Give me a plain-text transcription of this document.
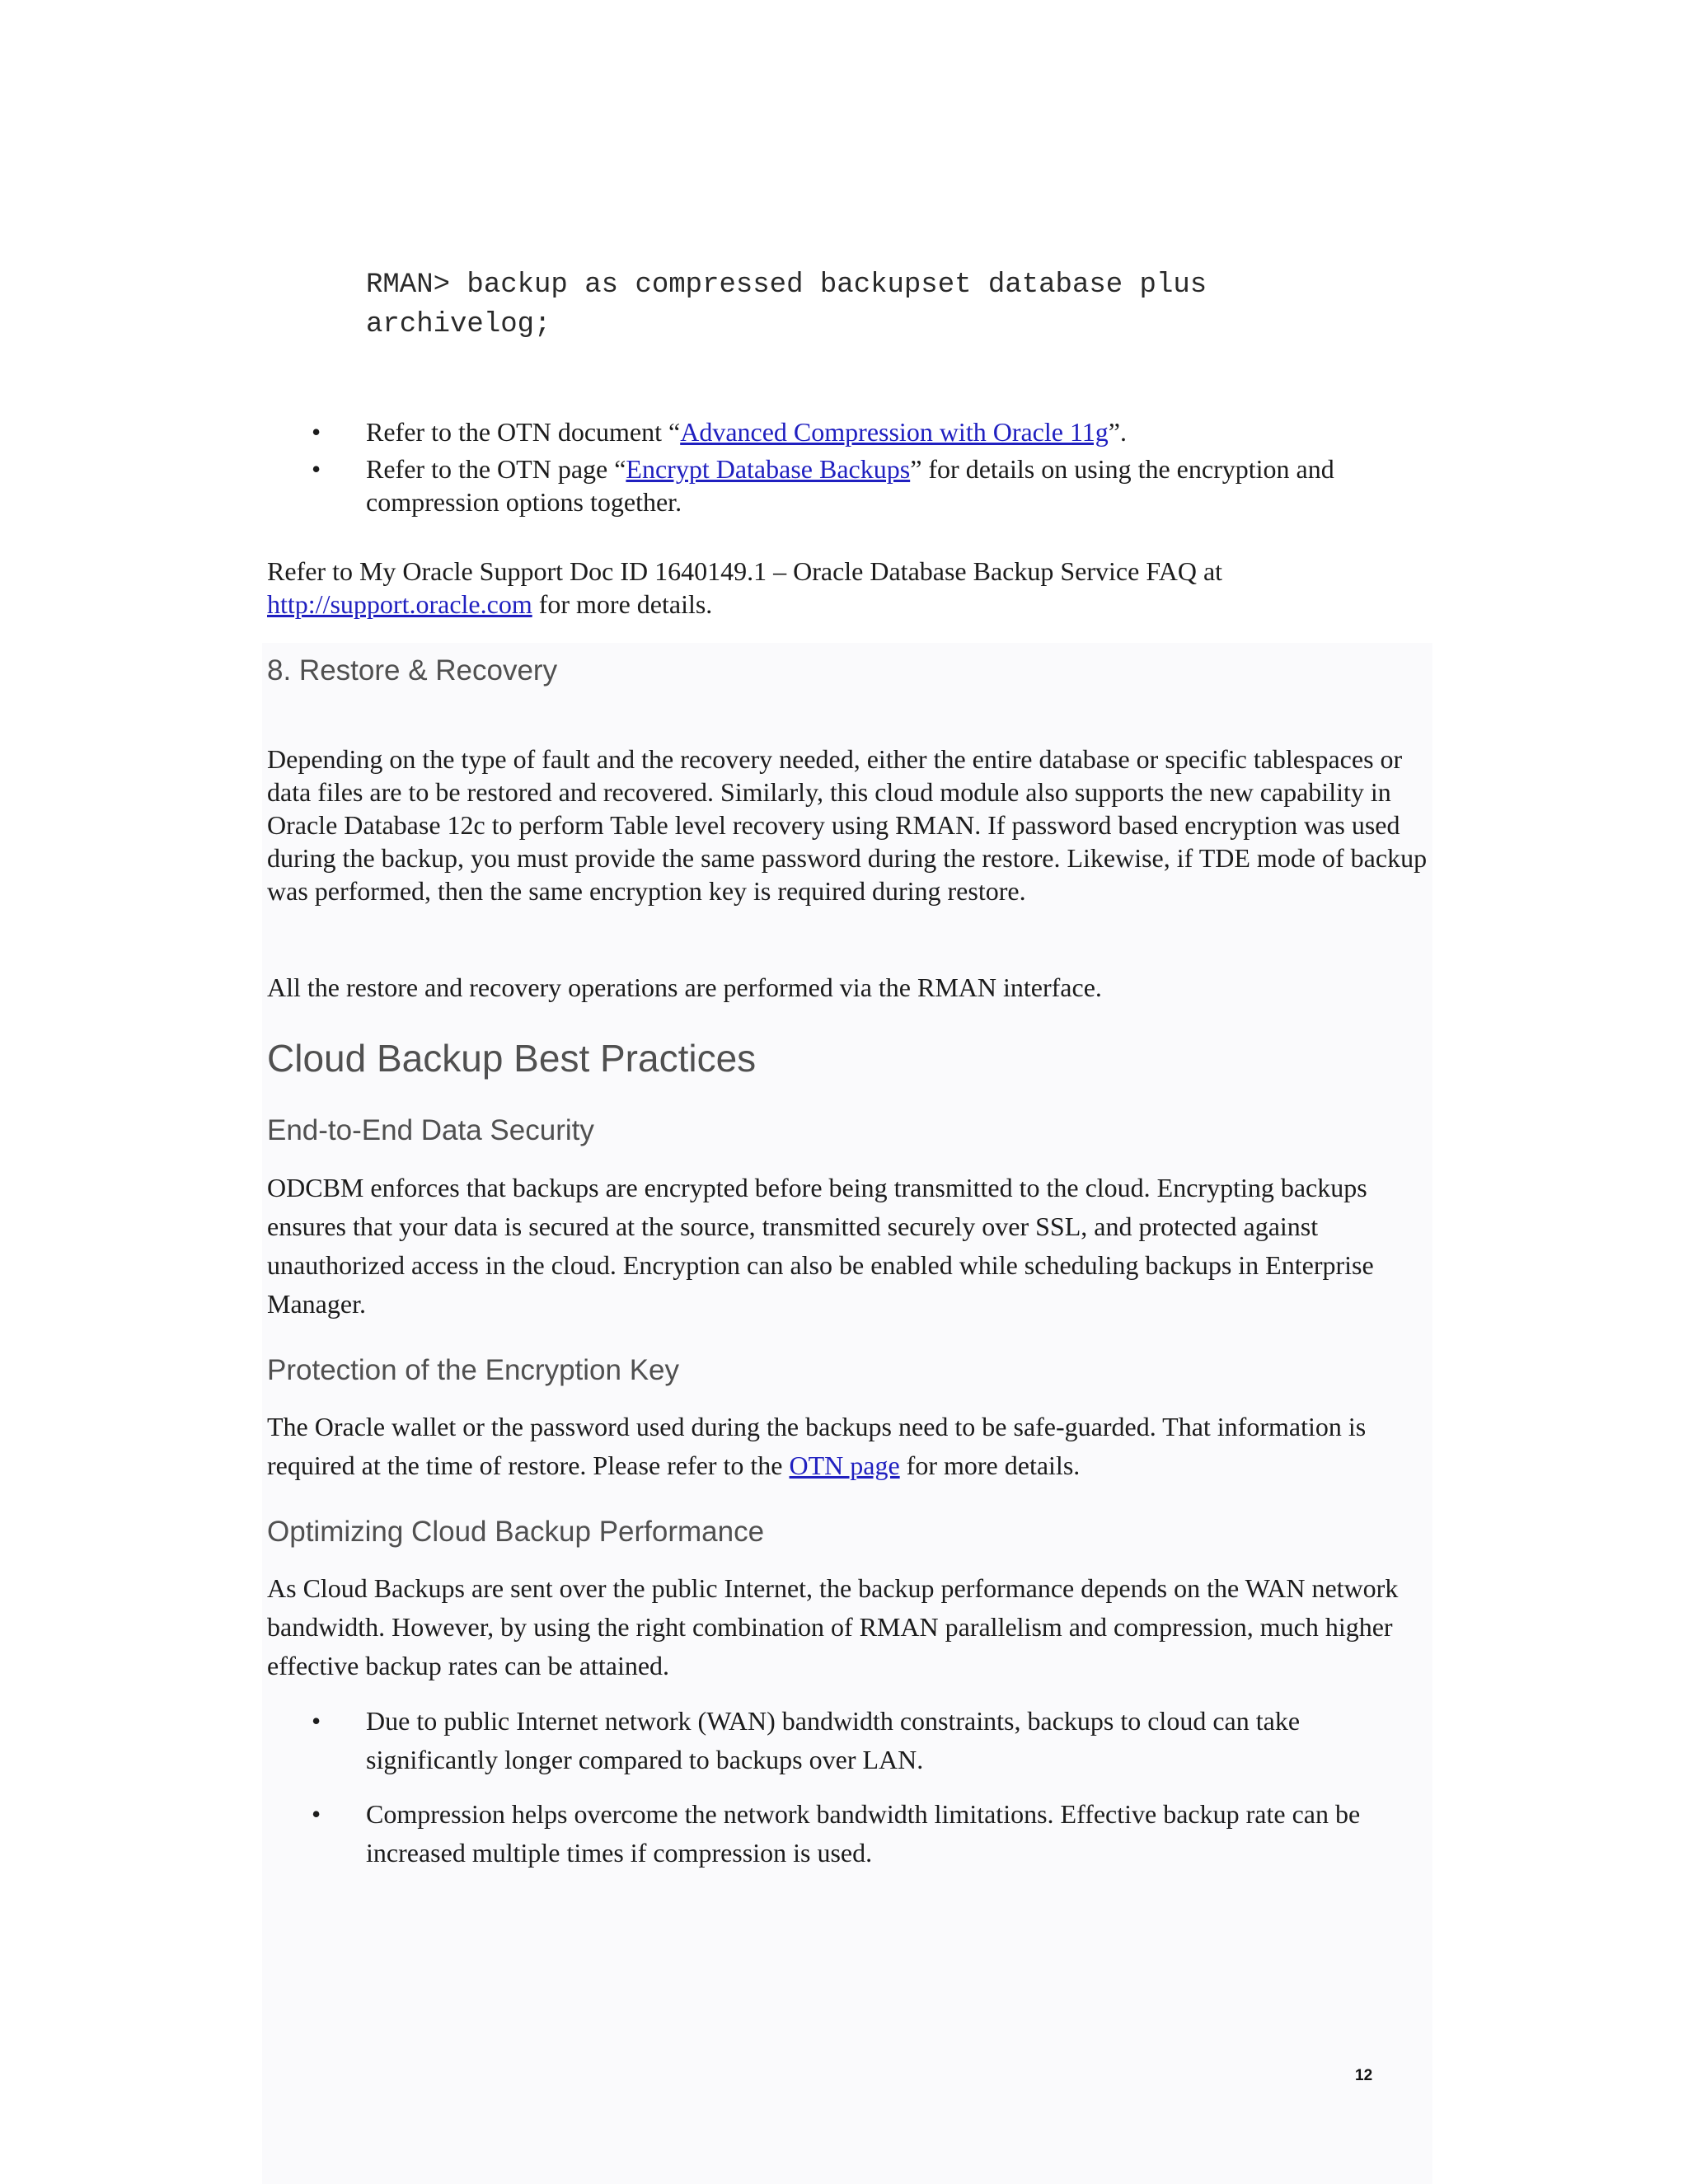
RMAN> backup as compressed backupset database plus
archivelog;
•	Refer to the OTN document “Advanced Compression with Oracle 11g”.
•	Refer to the OTN page “Encrypt Database Backups” for details on using the encryption and compression options together.
Refer to My Oracle Support Doc ID 1640149.1 – Oracle Database Backup Service FAQ at http://support.oracle.com for more details.
8. Restore & Recovery
Depending on the type of fault and the recovery needed, either the entire database or specific tablespaces or data files are to be restored and recovered. Similarly, this cloud module also supports the new capability in Oracle Database 12c to perform Table level recovery using RMAN. If password based encryption was used during the backup, you must provide the same password during the restore. Likewise, if TDE mode of backup was performed, then the same encryption key is required during restore.
All the restore and recovery operations are performed via the RMAN interface.
Cloud Backup Best Practices
End-to-End Data Security
ODCBM enforces that backups are encrypted before being transmitted to the cloud. Encrypting backups ensures that your data is secured at the source, transmitted securely over SSL, and protected against unauthorized access in the cloud. Encryption can also be enabled while scheduling backups in Enterprise Manager.
Protection of the Encryption Key
The Oracle wallet or the password used during the backups need to be safe-guarded. That information is required at the time of restore. Please refer to the OTN page for more details.
Optimizing Cloud Backup Performance
As Cloud Backups are sent over the public Internet, the backup performance depends on the WAN network bandwidth. However, by using the right combination of RMAN parallelism and compression, much higher effective backup rates can be attained.
•	Due to public Internet network (WAN) bandwidth constraints, backups to cloud can take significantly longer compared to backups over LAN.
•	Compression helps overcome the network bandwidth limitations. Effective backup rate can be increased multiple times if compression is used.
12
